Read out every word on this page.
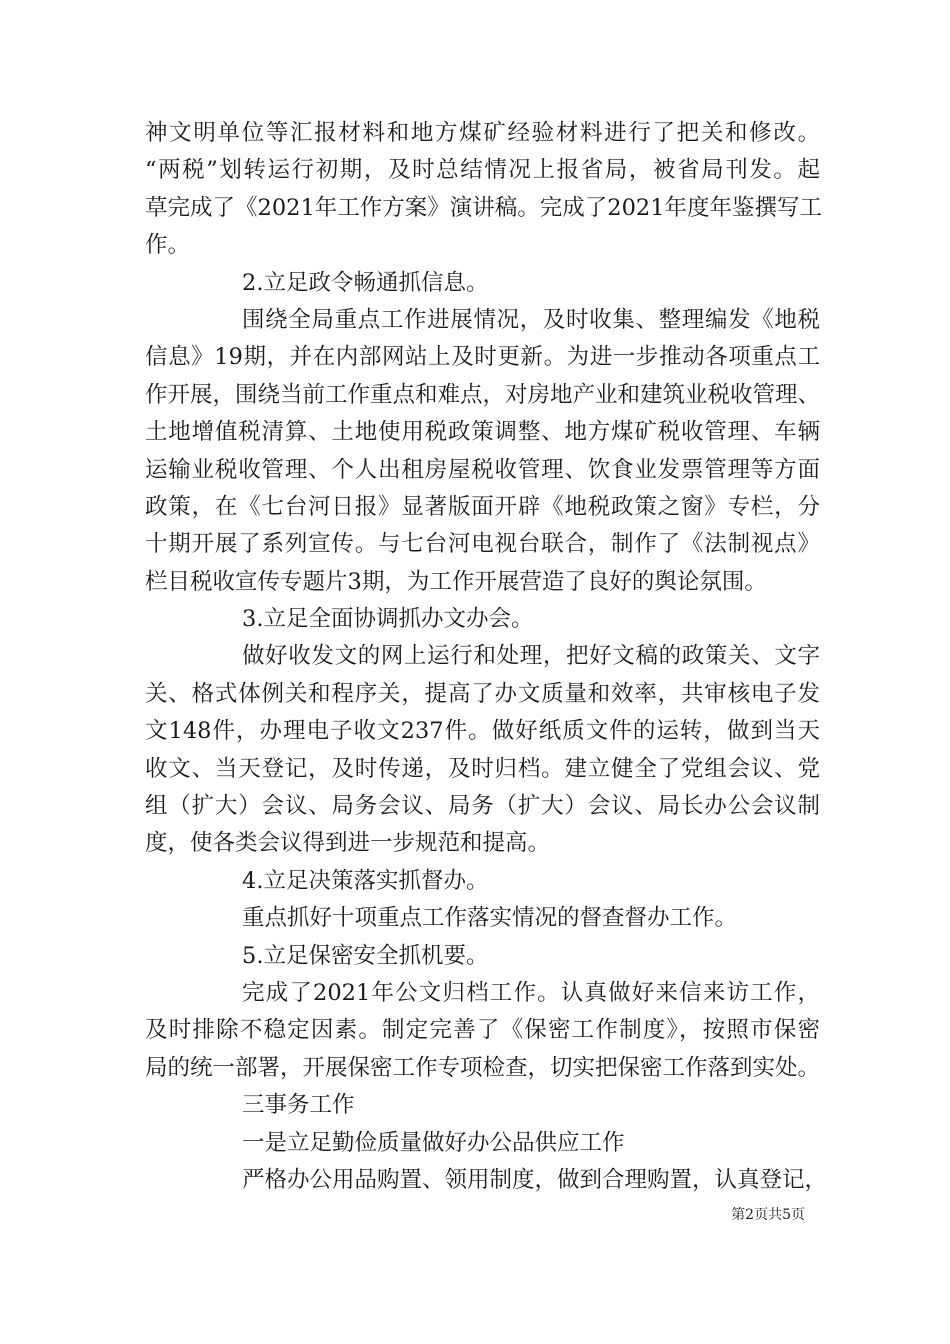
神文明单位等汇报材料和地方煤矿经验材料进行了把关和修改。
“两税”划转运行初期，及时总结情况上报省局，被省局刊发。起
草完成了《2021年工作方案》演讲稿。完成了2021年度年鉴撰写工
作。
2.立足政令畅通抓信息。
围绕全局重点工作进展情况，及时收集、整理编发《地税
信息》19期，并在内部网站上及时更新。为进一步推动各项重点工
作开展，围绕当前工作重点和难点，对房地产业和建筑业税收管理、
土地增值税清算、土地使用税政策调整、地方煤矿税收管理、车辆
运输业税收管理、个人出租房屋税收管理、饮食业发票管理等方面
政策，在《七台河日报》显著版面开辟《地税政策之窗》专栏，分
十期开展了系列宣传。与七台河电视台联合，制作了《法制视点》
栏目税收宣传专题片3期，为工作开展营造了良好的舆论氛围。
3.立足全面协调抓办文办会。
做好收发文的网上运行和处理，把好文稿的政策关、文字
关、格式体例关和程序关，提高了办文质量和效率，共审核电子发
文148件，办理电子收文237件。做好纸质文件的运转，做到当天
收文、当天登记，及时传递，及时归档。建立健全了党组会议、党
组（扩大）会议、局务会议、局务（扩大）会议、局长办公会议制
度，使各类会议得到进一步规范和提高。
4.立足决策落实抓督办。
重点抓好十项重点工作落实情况的督查督办工作。
5.立足保密安全抓机要。
完成了2021年公文归档工作。认真做好来信来访工作，
及时排除不稳定因素。制定完善了《保密工作制度》，按照市保密
局的统一部署，开展保密工作专项检查，切实把保密工作落到实处。
三事务工作
一是立足勤俭质量做好办公品供应工作
严格办公用品购置、领用制度，做到合理购置，认真登记，
第2页共5页
